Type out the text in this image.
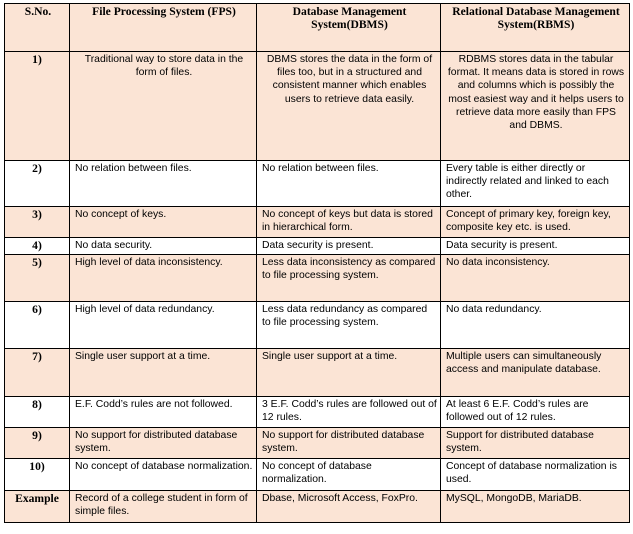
S.No.	File Processing System (FPS)	Database Management System(DBMS)	Relational Database Management System(RBMS)
1)	Traditional way to store data in the form of files.	DBMS stores the data in the form of files too, but in a structured and consistent manner which enables users to retrieve data easily.	RDBMS stores data in the tabular format. It means data is stored in rows and columns which is possibly the most easiest way and it helps users to retrieve data more easily than FPS and DBMS.
2)	No relation between files.	No relation between files.	Every table is either directly or indirectly related and linked to each other.
3)	No concept of keys.	No concept of keys but data is stored in hierarchical form.	Concept of primary key, foreign key, composite key etc. is used.
4)	No data security.	Data security is present.	Data security is present.
5)	High level of data inconsistency.	Less data inconsistency as compared to file processing system.	No data inconsistency.
6)	High level of data redundancy.	Less data redundancy as compared to file processing system.	No data redundancy.
7)	Single user support at a time.	Single user support at a time.	Multiple users can simultaneously access and manipulate database.
8)	E.F. Codd’s rules are not followed.	3 E.F. Codd’s rules are followed out of 12 rules.	At least 6 E.F. Codd’s rules are followed out of 12 rules.
9)	No support for distributed database system.	No support for distributed database system.	Support for distributed database system.
10)	No concept of database normalization.	No concept of database normalization.	Concept of database normalization is used.
Example	Record of a college student in form of simple files.	Dbase, Microsoft Access, FoxPro.	MySQL, MongoDB, MariaDB.
